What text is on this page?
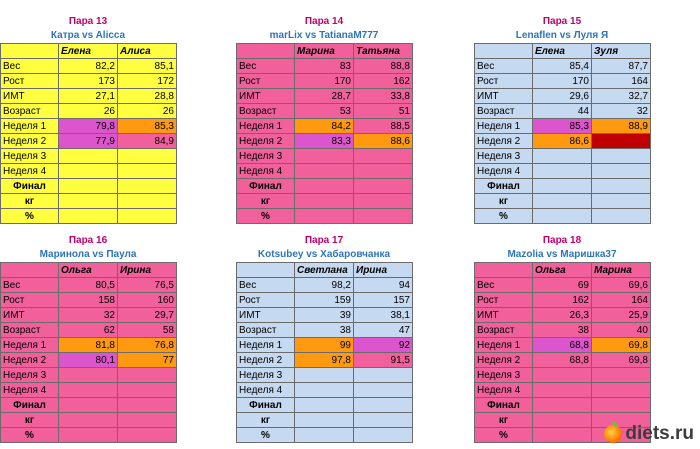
Пара 13
Катра vs Alicca
	Елена	Алиса
Вес	82,2	85,1
Рост	173	172
ИМТ	27,1	28,8
Возраст	26	26
Неделя 1	79,8	85,3
Неделя 2	77,9	84,9
Неделя 3		
Неделя 4		
Финал		
кг		
%		
Пара 14
marLix vs TatianaM777
	Марина	Татьяна
Вес	83	88,8
Рост	170	162
ИМТ	28,7	33,8
Возраст	53	51
Неделя 1	84,2	88,5
Неделя 2	83,3	88,6
Неделя 3		
Неделя 4		
Финал		
кг		
%		
Пара 15
Lenaflen vs Луля Я
	Елена	Зуля
Вес	85,4	87,7
Рост	170	164
ИМТ	29,6	32,7
Возраст	44	32
Неделя 1	85,3	88,9
Неделя 2	86,6	
Неделя 3		
Неделя 4		
Финал		
кг		
%		
Пара 16
Маринола vs Паула
	Ольга	Ирина
Вес	80,5	76,5
Рост	158	160
ИМТ	32	29,7
Возраст	62	58
Неделя 1	81,8	76,8
Неделя 2	80,1	77
Неделя 3		
Неделя 4		
Финал		
кг		
%		
Пара 17
Kotsubey vs Хабаровчанка
	Светлана	Ирина
Вес	98,2	94
Рост	159	157
ИМТ	39	38,1
Возраст	38	47
Неделя 1	99	92
Неделя 2	97,8	91,5
Неделя 3		
Неделя 4		
Финал		
кг		
%		
Пара 18
Mazolia vs Маришка37
	Ольга	Марина
Вес	69	69,6
Рост	162	164
ИМТ	26,3	25,9
Возраст	38	40
Неделя 1	68,8	69,8
Неделя 2	68,8	69,8
Неделя 3		
Неделя 4		
Финал		
кг		
%			diets.ru
